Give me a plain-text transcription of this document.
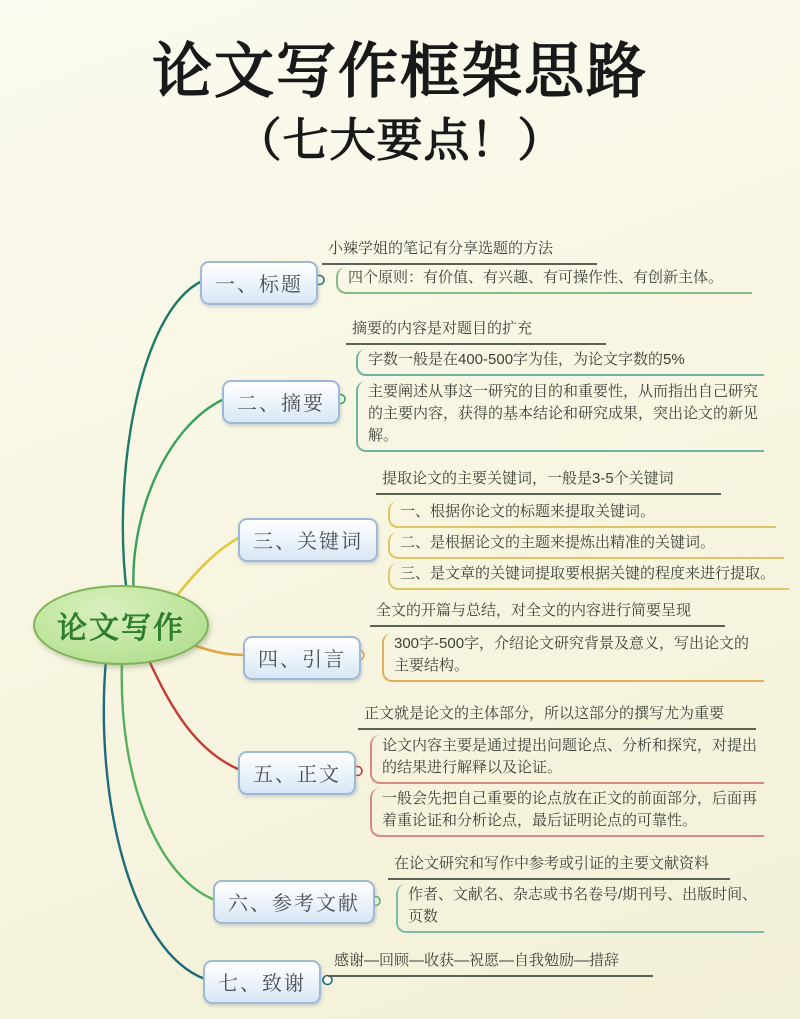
论文写作框架思路
（七大要点！）
论文写作
一、标题
二、摘要
三、关键词
四、引言
五、正文
六、参考文献
七、致谢
小辣学姐的笔记有分享选题的方法
四个原则：有价值、有兴趣、有可操作性、有创新主体。
摘要的内容是对题目的扩充
字数一般是在400-500字为佳，为论文字数的5%
主要阐述从事这一研究的目的和重要性，从而指出自己研究的主要内容，获得的基本结论和研究成果，突出论文的新见解。
提取论文的主要关键词，一般是3-5个关键词
一、根据你论文的标题来提取关键词。
二、是根据论文的主题来提炼出精准的关键词。
三、是文章的关键词提取要根据关键的程度来进行提取。
全文的开篇与总结，对全文的内容进行简要呈现
300字-500字，介绍论文研究背景及意义，写出论文的主要结构。
正文就是论文的主体部分，所以这部分的撰写尤为重要
论文内容主要是通过提出问题论点、分析和探究，对提出的结果进行解释以及论证。
一般会先把自己重要的论点放在正文的前面部分，后面再着重论证和分析论点，最后证明论点的可靠性。
在论文研究和写作中参考或引证的主要文献资料
作者、文献名、杂志或书名卷号/期刊号、出版时间、页数
感谢—回顾—收获—祝愿—自我勉励—措辞
